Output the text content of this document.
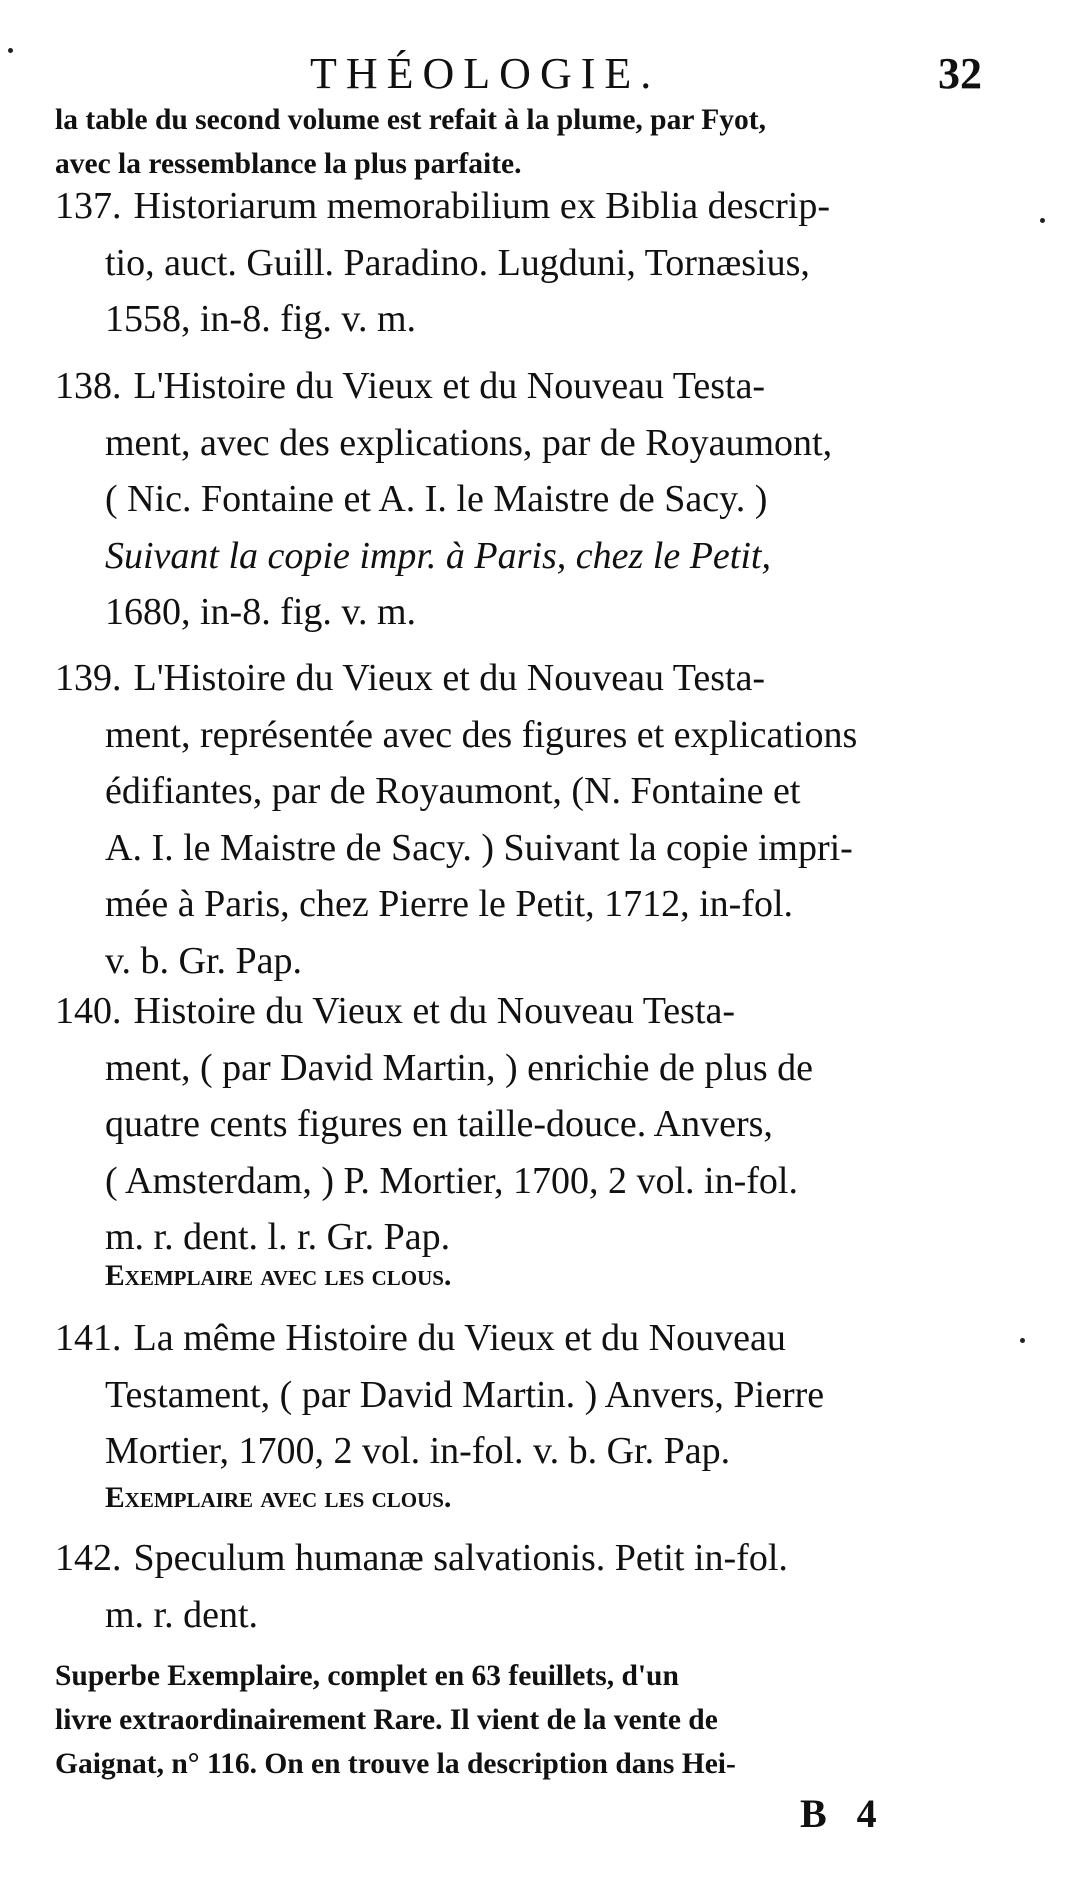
THÉOLOGIE.	32
la table du second volume est refait à la plume, par Fyot,
avec la ressemblance la plus parfaite.
137. Historiarum memorabilium ex Biblia descrip-
tio, auct. Guill. Paradino. Lugduni, Tornæsius,
1558, in-8. fig. v. m.
138. L'Histoire du Vieux et du Nouveau Testa-
ment, avec des explications, par de Royaumont,
( Nic. Fontaine et A. I. le Maistre de Sacy. )
Suivant la copie impr. à Paris, chez le Petit,
1680, in-8. fig. v. m.
139. L'Histoire du Vieux et du Nouveau Testa-
ment, représentée avec des figures et explications
édifiantes, par de Royaumont, (N. Fontaine et
A. I. le Maistre de Sacy. ) Suivant la copie impri-
mée à Paris, chez Pierre le Petit, 1712, in-fol.
v. b. Gr. Pap.
140. Histoire du Vieux et du Nouveau Testa-
ment, ( par David Martin, ) enrichie de plus de
quatre cents figures en taille-douce. Anvers,
( Amsterdam, ) P. Mortier, 1700, 2 vol. in-fol.
m. r. dent. l. r. Gr. Pap.
Exemplaire avec les clous.
141. La même Histoire du Vieux et du Nouveau
Testament, ( par David Martin. ) Anvers, Pierre
Mortier, 1700, 2 vol. in-fol. v. b. Gr. Pap.
Exemplaire avec les clous.
142. Speculum humanæ salvationis. Petit in-fol.
m. r. dent.
Superbe Exemplaire, complet en 63 feuillets, d'un
livre extraordinairement Rare. Il vient de la vente de
Gaignat, n° 116. On en trouve la description dans Hei-
B 4
